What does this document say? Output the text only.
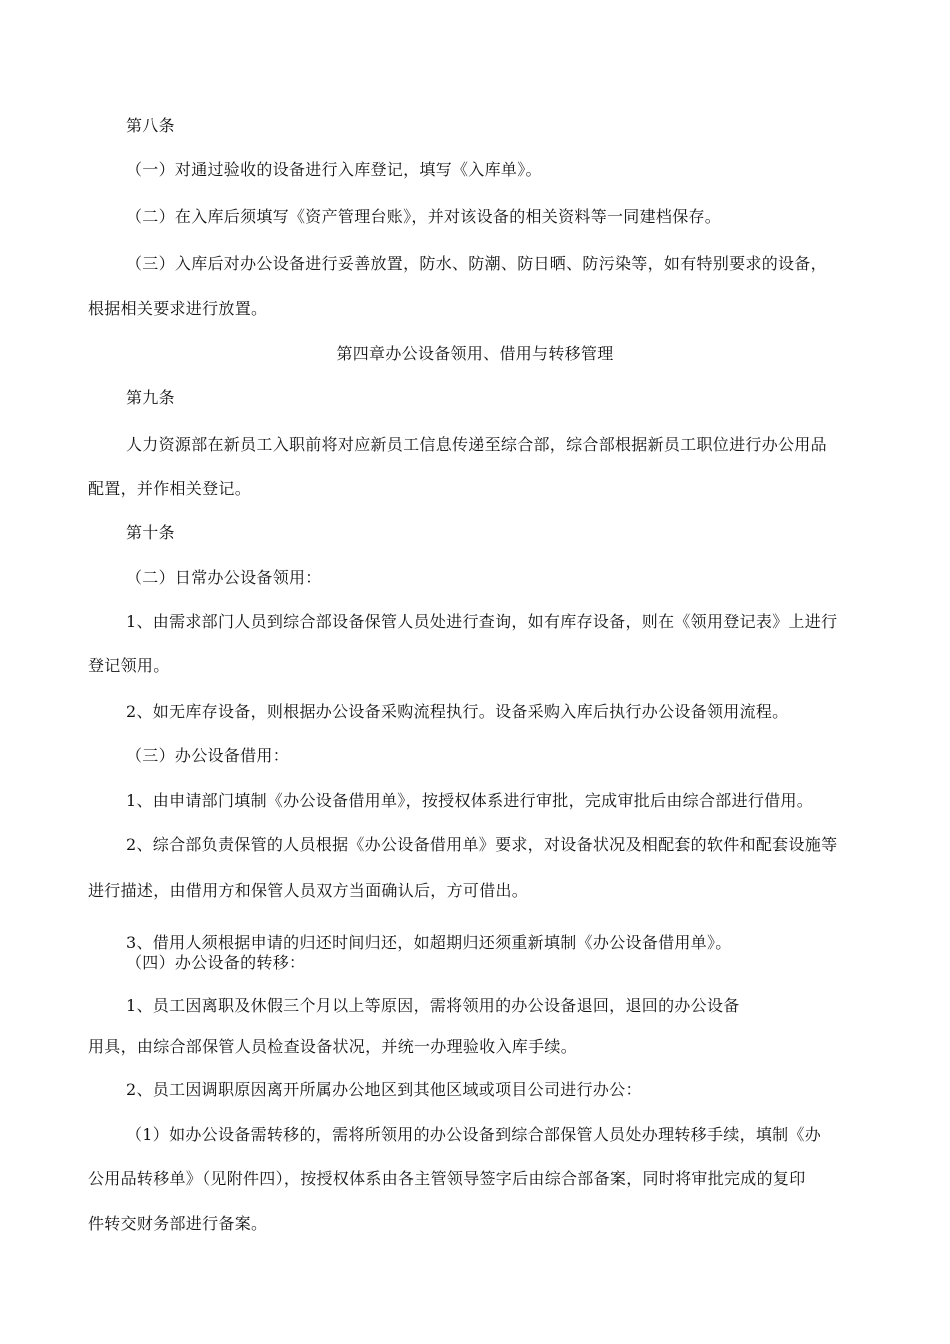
第八条
（一）对通过验收的设备进行入库登记，填写《入库单》。
（二）在入库后须填写《资产管理台账》，并对该设备的相关资料等一同建档保存。
（三）入库后对办公设备进行妥善放置，防水、防潮、防日晒、防污染等，如有特别要求的设备，
根据相关要求进行放置。
第四章办公设备领用、借用与转移管理
第九条
人力资源部在新员工入职前将对应新员工信息传递至综合部，综合部根据新员工职位进行办公用品
配置，并作相关登记。
第十条
（二）日常办公设备领用：
1、由需求部门人员到综合部设备保管人员处进行查询，如有库存设备，则在《领用登记表》上进行
登记领用。
2、如无库存设备，则根据办公设备采购流程执行。设备采购入库后执行办公设备领用流程。
（三）办公设备借用：
1、由申请部门填制《办公设备借用单》，按授权体系进行审批，完成审批后由综合部进行借用。
2、综合部负责保管的人员根据《办公设备借用单》要求，对设备状况及相配套的软件和配套设施等
进行描述，由借用方和保管人员双方当面确认后，方可借出。
3、借用人须根据申请的归还时间归还，如超期归还须重新填制《办公设备借用单》。
（四）办公设备的转移：
1、员工因离职及休假三个月以上等原因，需将领用的办公设备退回，退回的办公设备
用具，由综合部保管人员检查设备状况，并统一办理验收入库手续。
2、员工因调职原因离开所属办公地区到其他区域或项目公司进行办公：
（1）如办公设备需转移的，需将所领用的办公设备到综合部保管人员处办理转移手续，填制《办
公用品转移单》（见附件四），按授权体系由各主管领导签字后由综合部备案，同时将审批完成的复印
件转交财务部进行备案。
